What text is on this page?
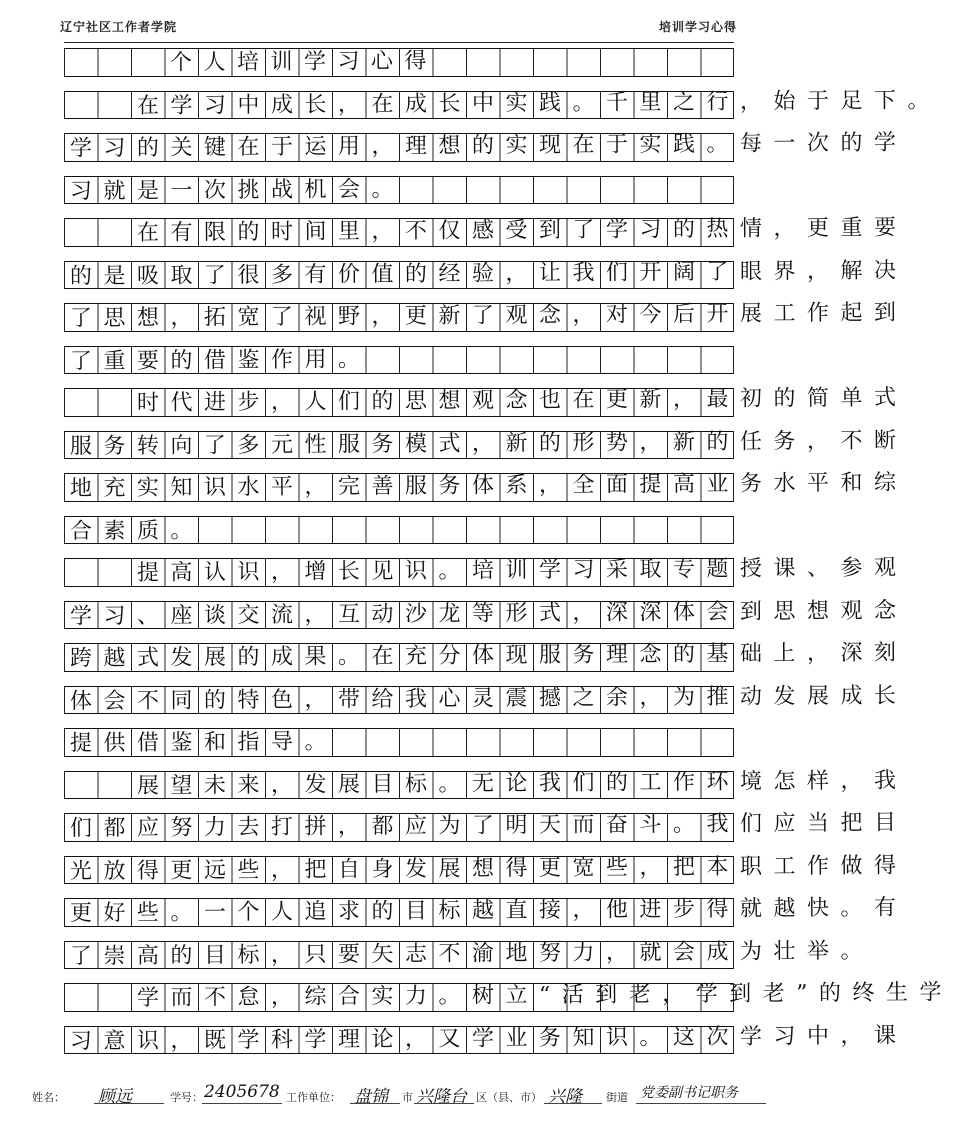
辽宁社区工作者学院	培训学习心得
个人培训学习心得
在学习中成长，在成长中实践。千里之行，始于足下。
学习的关键在于运用，理想的实现在于实践。每一次的学
习就是一次挑战机会。
在有限的时间里，不仅感受到了学习的热情，更重要
的是吸取了很多有价值的经验，让我们开阔了眼界，解决
了思想，拓宽了视野，更新了观念，对今后开展工作起到
了重要的借鉴作用。
时代进步，人们的思想观念也在更新，最初的简单式
服务转向了多元性服务模式，新的形势，新的任务，不断
地充实知识水平，完善服务体系，全面提高业务水平和综
合素质。
提高认识，增长见识。培训学习采取专题授课、参观
学习、座谈交流，互动沙龙等形式，深深体会到思想观念
跨越式发展的成果。在充分体现服务理念的基础上，深刻
体会不同的特色，带给我心灵震撼之余，为推动发展成长
提供借鉴和指导。
展望未来，发展目标。无论我们的工作环境怎样，我
们都应努力去打拼，都应为了明天而奋斗。我们应当把目
光放得更远些，把自身发展想得更宽些，把本职工作做得
更好些。一个人追求的目标越直接，他进步得就越快。有
了崇高的目标，只要矢志不渝地努力，就会成为壮举。
学而不怠，综合实力。树立“活到老，学到老”的终生学
习意识，既学科学理论，又学业务知识。这次学习中，课
姓名： 顾远	学号： 2405678 工作单位： 盘锦 市 兴隆台 区（县、市） 兴隆 街道 党委副书记职务
